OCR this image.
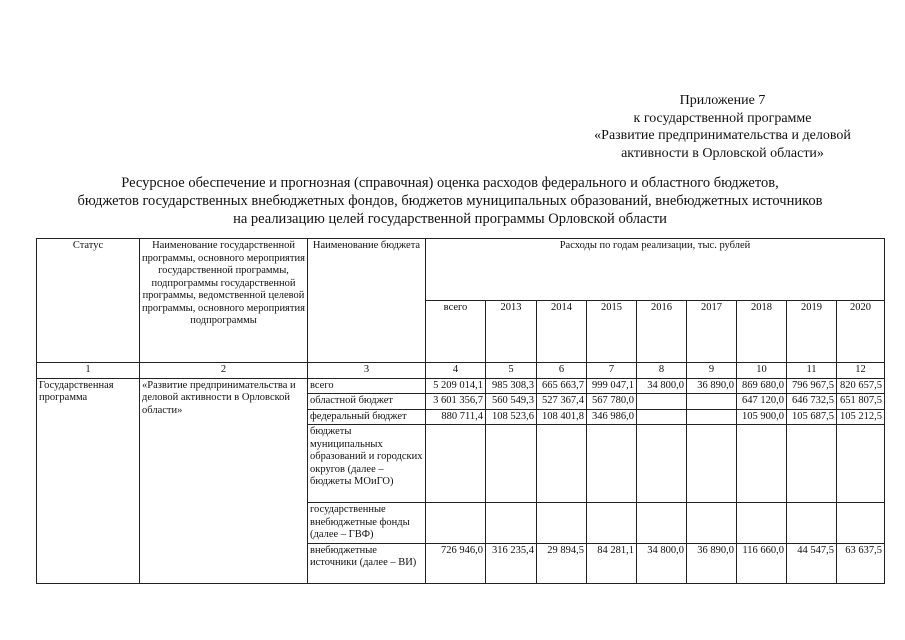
Приложение 7
к государственной программе
«Развитие предпринимательства и деловой
активности в Орловской области»
Ресурсное обеспечение и прогнозная (справочная) оценка расходов федерального и областного бюджетов,
бюджетов государственных внебюджетных фондов, бюджетов муниципальных образований, внебюджетных источников
на реализацию целей государственной программы Орловской области
Статус	Наименование государственной программы, основного мероприятия государственной программы, подпрограммы государственной программы, ведомственной целевой программы, основного мероприятия подпрограммы	Наименование бюджета	Расходы по годам реализации, тыс. рублей								
			всего	2013	2014	2015	2016	2017	2018	2019	2020
1	2	3	4	5	6	7	8	9	10	11	12
Государственная программа	«Развитие предпринимательства и деловой активности в Орловской области»	всего	5 209 014,1	985 308,3	665 663,7	999 047,1	34 800,0	36 890,0	869 680,0	796 967,5	820 657,5
		областной бюджет	3 601 356,7	560 549,3	527 367,4	567 780,0			647 120,0	646 732,5	651 807,5
		федеральный бюджет	880 711,4	108 523,6	108 401,8	346 986,0			105 900,0	105 687,5	105 212,5
		бюджеты муниципальных образований и городских округов (далее – бюджеты МОиГО)									
		государственные внебюджетные фонды (далее – ГВФ)									
		внебюджетные источники (далее – ВИ)	726 946,0	316 235,4	29 894,5	84 281,1	34 800,0	36 890,0	116 660,0	44 547,5	63 637,5
